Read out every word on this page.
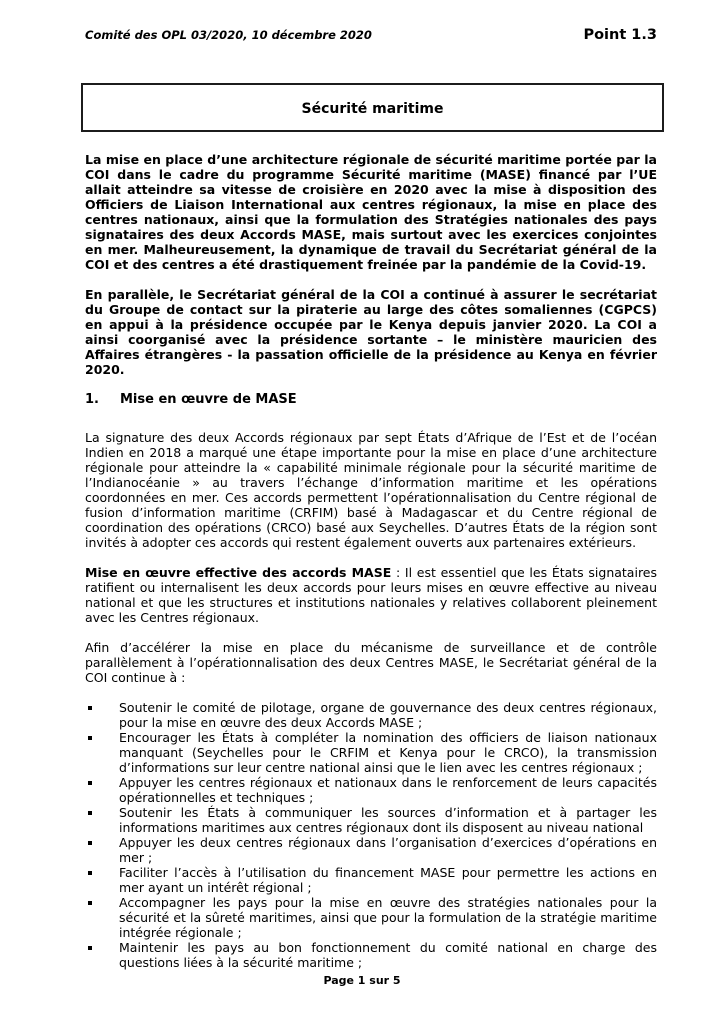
Comité des OPL 03/2020, 10 décembre 2020	Point 1.3
Sécurité maritime

La mise en place d’une architecture régionale de sécurité maritime portée par la COI dans le cadre du programme Sécurité maritime (MASE) financé par l’UE allait atteindre sa vitesse de croisière en 2020 avec la mise à disposition des Officiers de Liaison International aux centres régionaux, la mise en place des centres nationaux, ainsi que la formulation des Stratégies nationales des pays signataires des deux Accords MASE, mais surtout avec les exercices conjointes en mer. Malheureusement, la dynamique de travail du Secrétariat général de la COI et des centres a été drastiquement freinée par la pandémie de la Covid-19.

En parallèle, le Secrétariat général de la COI a continué à assurer le secrétariat du Groupe de contact sur la piraterie au large des côtes somaliennes (CGPCS) en appui à la présidence occupée par le Kenya depuis janvier 2020. La COI a ainsi coorganisé avec la présidence sortante – le ministère mauricien des Affaires étrangères - la passation officielle de la présidence au Kenya en février 2020.

1. Mise en œuvre de MASE

La signature des deux Accords régionaux par sept États d’Afrique de l’Est et de l’océan Indien en 2018 a marqué une étape importante pour la mise en place d’une architecture régionale pour atteindre la « capabilité minimale régionale pour la sécurité maritime de l’Indianocéanie » au travers l’échange d’information maritime et les opérations coordonnées en mer. Ces accords permettent l’opérationnalisation du Centre régional de fusion d’information maritime (CRFIM) basé à Madagascar et du Centre régional de coordination des opérations (CRCO) basé aux Seychelles. D’autres États de la région sont invités à adopter ces accords qui restent également ouverts aux partenaires extérieurs.

Mise en œuvre effective des accords MASE : Il est essentiel que les États signataires ratifient ou internalisent les deux accords pour leurs mises en œuvre effective au niveau national et que les structures et institutions nationales y relatives collaborent pleinement avec les Centres régionaux.

Afin d’accélérer la mise en place du mécanisme de surveillance et de contrôle parallèlement à l’opérationnalisation des deux Centres MASE, le Secrétariat général de la COI continue à :

Soutenir le comité de pilotage, organe de gouvernance des deux centres régionaux, pour la mise en œuvre des deux Accords MASE ;
Encourager les États à compléter la nomination des officiers de liaison nationaux manquant (Seychelles pour le CRFIM et Kenya pour le CRCO), la transmission d’informations sur leur centre national ainsi que le lien avec les centres régionaux ;
Appuyer les centres régionaux et nationaux dans le renforcement de leurs capacités opérationnelles et techniques ;
Soutenir les États à communiquer les sources d’information et à partager les informations maritimes aux centres régionaux dont ils disposent au niveau national
Appuyer les deux centres régionaux dans l’organisation d’exercices d’opérations en mer ;
Faciliter l’accès à l’utilisation du financement MASE pour permettre les actions en mer ayant un intérêt régional ;
Accompagner les pays pour la mise en œuvre des stratégies nationales pour la sécurité et la sûreté maritimes, ainsi que pour la formulation de la stratégie maritime intégrée régionale ;
Maintenir les pays au bon fonctionnement du comité national en charge des questions liées à la sécurité maritime ;
Page 1 sur 5
